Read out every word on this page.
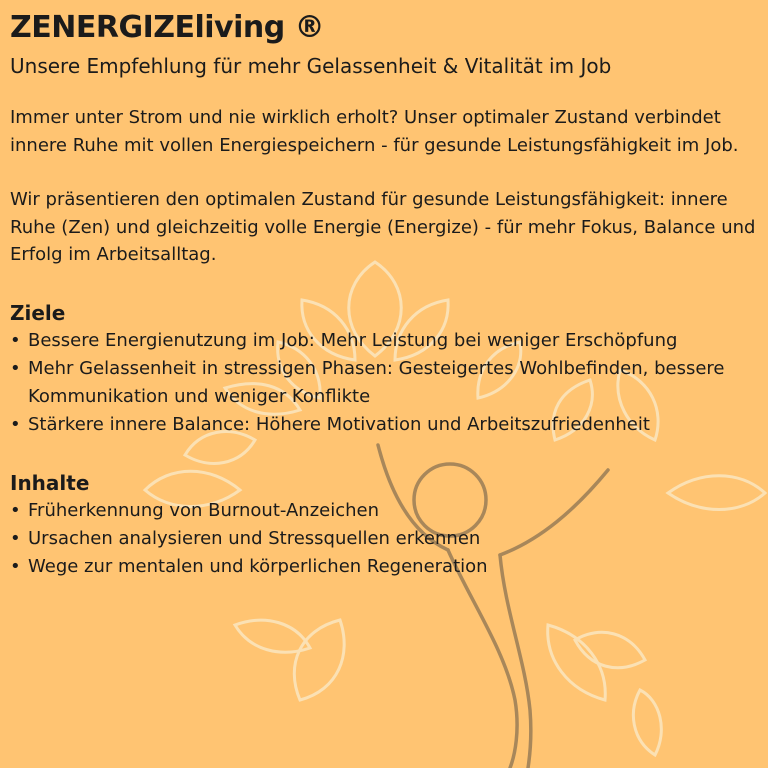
ZENERGIZEliving ®
Unsere Empfehlung für mehr Gelassenheit & Vitalität im Job

Immer unter Strom und nie wirklich erholt? Unser optimaler Zustand verbindet innere Ruhe mit vollen Energiespeichern - für gesunde Leistungsfähigkeit im Job.

Wir präsentieren den optimalen Zustand für gesunde Leistungsfähigkeit: innere Ruhe (Zen) und gleichzeitig volle Energie (Energize) - für mehr Fokus, Balance und Erfolg im Arbeitsalltag.

Ziele
• Bessere Energienutzung im Job: Mehr Leistung bei weniger Erschöpfung
• Mehr Gelassenheit in stressigen Phasen: Gesteigertes Wohlbefinden, bessere Kommunikation und weniger Konflikte
• Stärkere innere Balance: Höhere Motivation und Arbeitszufriedenheit
Inhalte
• Früherkennung von Burnout-Anzeichen
• Ursachen analysieren und Stressquellen erkennen
• Wege zur mentalen und körperlichen Regeneration
